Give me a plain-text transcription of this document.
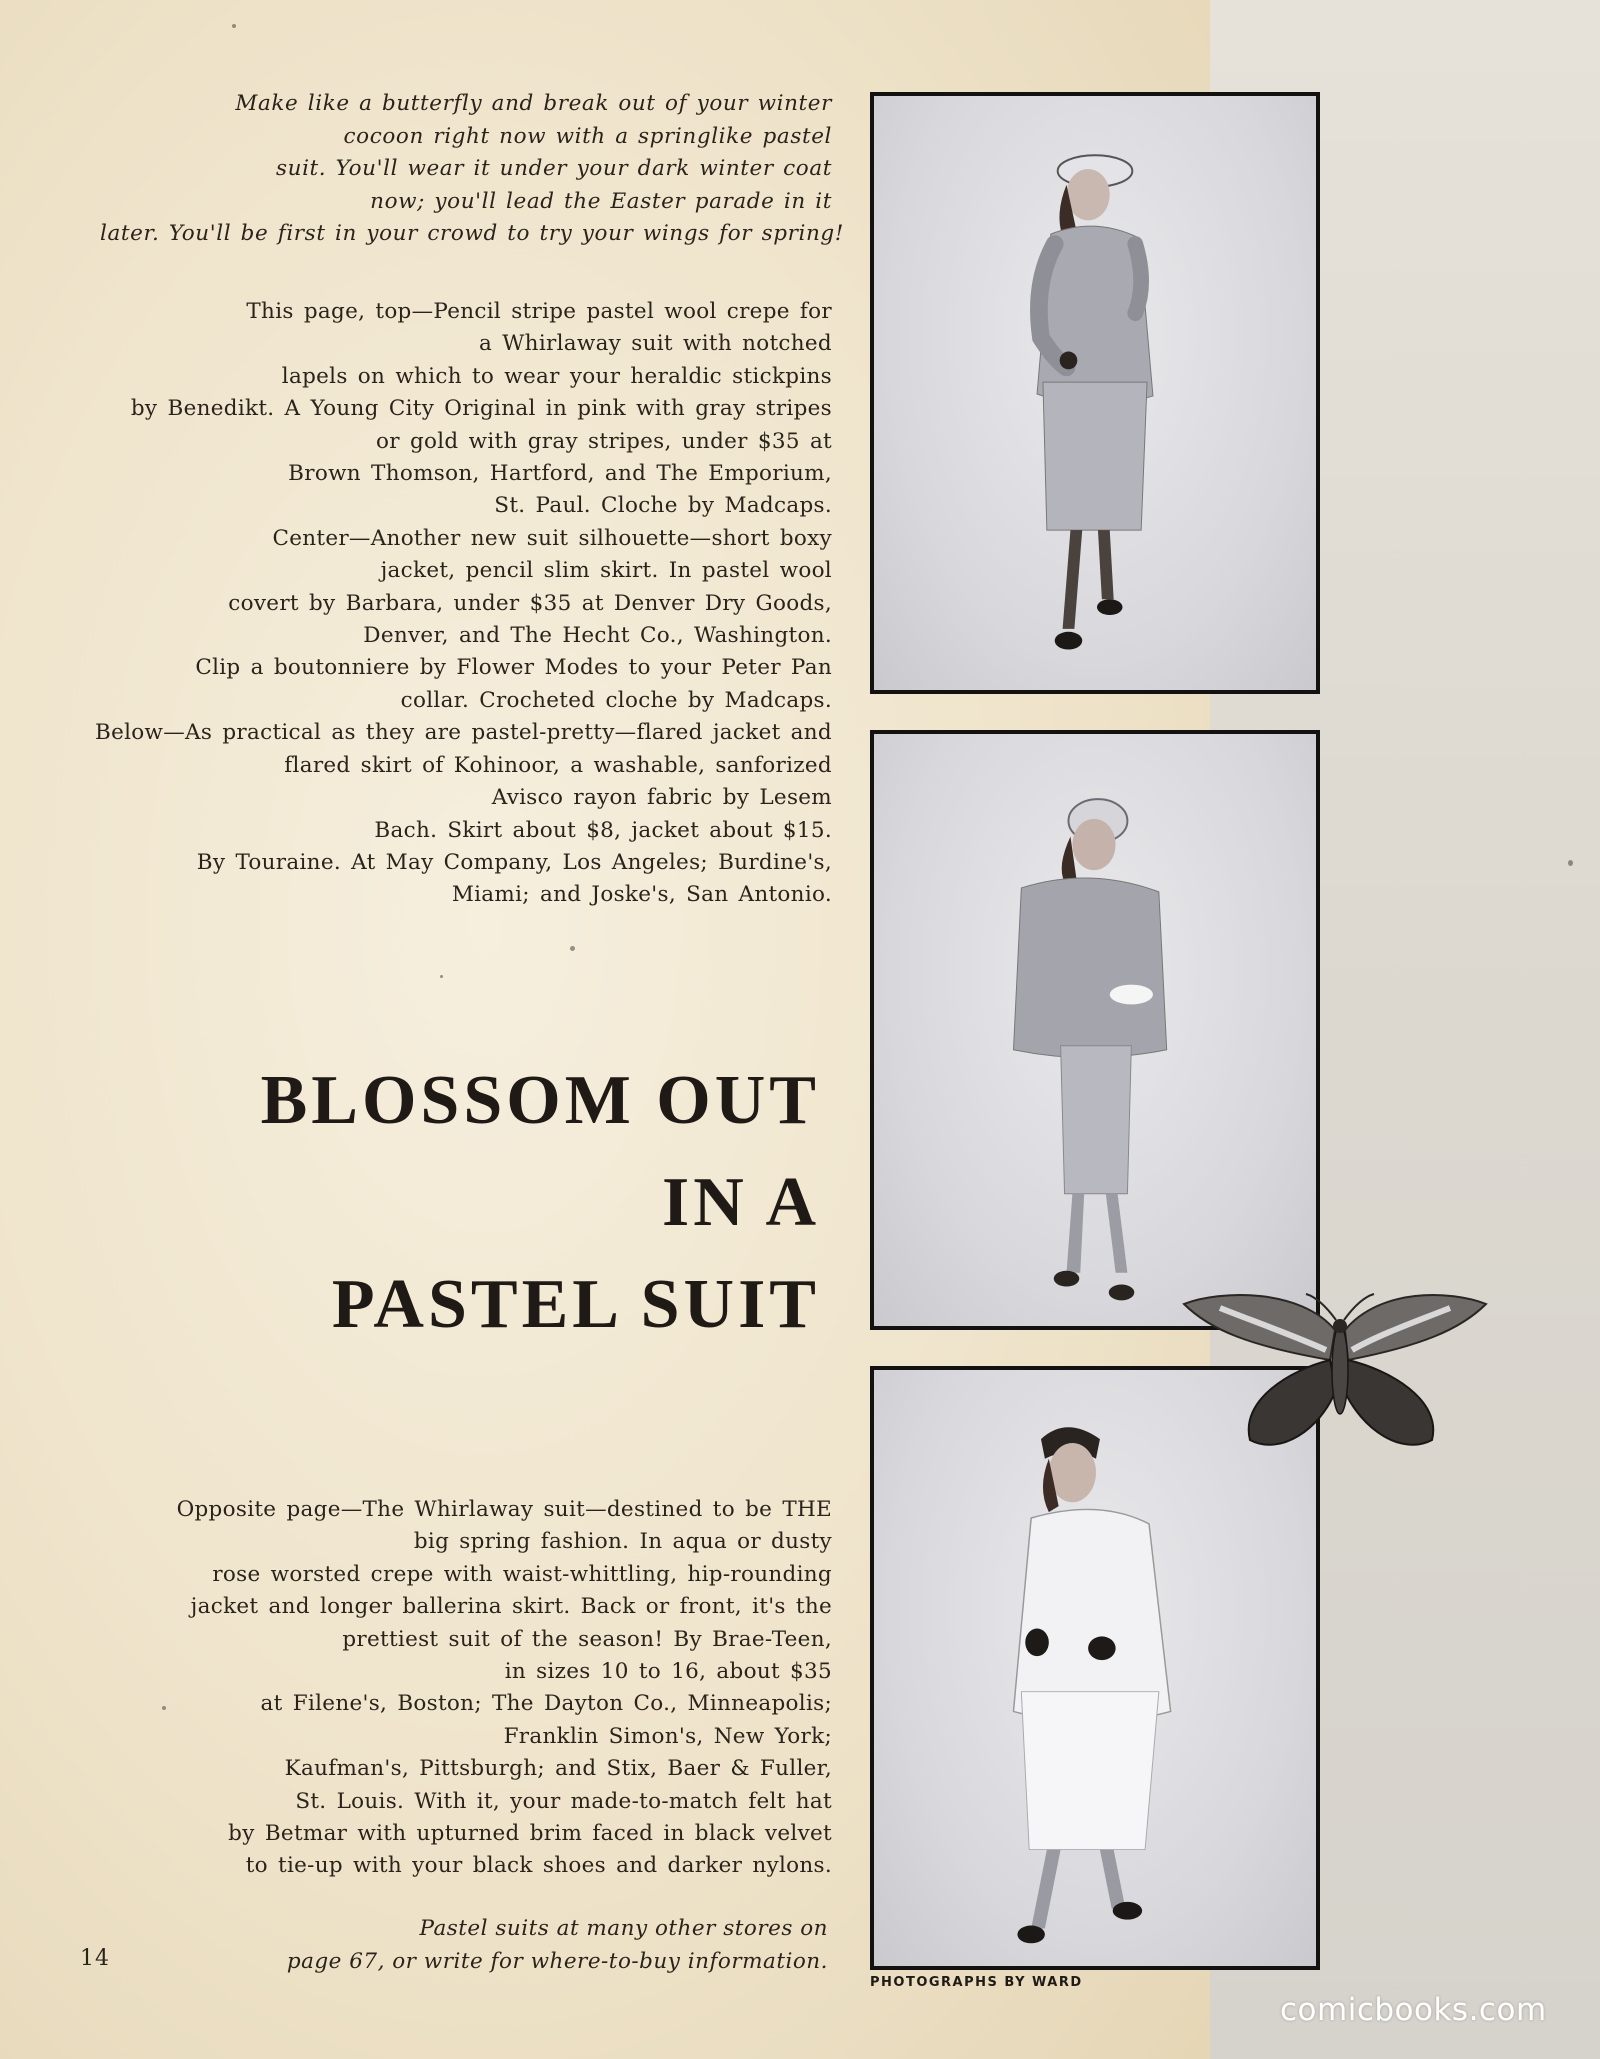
Make like a butterfly and break out of your winter
cocoon right now with a springlike pastel
suit. You'll wear it under your dark winter coat
now; you'll lead the Easter parade in it
later. You'll be first in your crowd to try your wings for spring!
This page, top—Pencil stripe pastel wool crepe for
a Whirlaway suit with notched
lapels on which to wear your heraldic stickpins
by Benedikt. A Young City Original in pink with gray stripes
or gold with gray stripes, under $35 at
Brown Thomson, Hartford, and The Emporium,
St. Paul. Cloche by Madcaps.
Center—Another new suit silhouette—short boxy
jacket, pencil slim skirt. In pastel wool
covert by Barbara, under $35 at Denver Dry Goods,
Denver, and The Hecht Co., Washington.
Clip a boutonniere by Flower Modes to your Peter Pan
collar. Crocheted cloche by Madcaps.
Below—As practical as they are pastel-pretty—flared jacket and
flared skirt of Kohinoor, a washable, sanforized
Avisco rayon fabric by Lesem
Bach. Skirt about $8, jacket about $15.
By Touraine. At May Company, Los Angeles; Burdine's,
Miami; and Joske's, San Antonio.
BLOSSOM OUT
IN A
PASTEL SUIT
Opposite page—The Whirlaway suit—destined to be THE
big spring fashion. In aqua or dusty
rose worsted crepe with waist-whittling, hip-rounding
jacket and longer ballerina skirt. Back or front, it's the
prettiest suit of the season! By Brae-Teen,
in sizes 10 to 16, about $35
at Filene's, Boston; The Dayton Co., Minneapolis;
Franklin Simon's, New York;
Kaufman's, Pittsburgh; and Stix, Baer & Fuller,
St. Louis. With it, your made-to-match felt hat
by Betmar with upturned brim faced in black velvet
to tie-up with your black shoes and darker nylons.
Pastel suits at many other stores on
page 67, or write for where-to-buy information.
14
PHOTOGRAPHS BY WARD
comicbooks.com
